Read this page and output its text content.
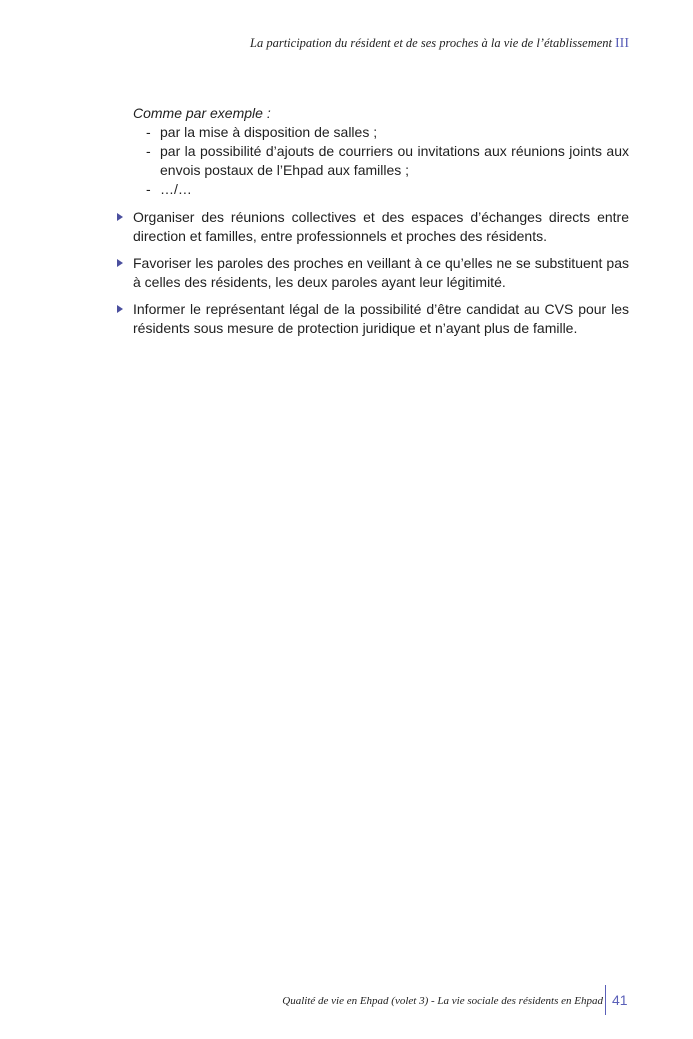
La participation du résident et de ses proches à la vie de l’établissement III
Comme par exemple :
- par la mise à disposition de salles ;
- par la possibilité d’ajouts de courriers ou invitations aux réunions joints aux envois postaux de l’Ehpad aux familles ;
- …/…
Organiser des réunions collectives et des espaces d’échanges directs entre direction et familles, entre professionnels et proches des résidents.
Favoriser les paroles des proches en veillant à ce qu’elles ne se substituent pas à celles des résidents, les deux paroles ayant leur légitimité.
Informer le représentant légal de la possibilité d’être candidat au CVS pour les résidents sous mesure de protection juridique et n’ayant plus de famille.
Qualité de vie en Ehpad (volet 3) - La vie sociale des résidents en Ehpad 41
